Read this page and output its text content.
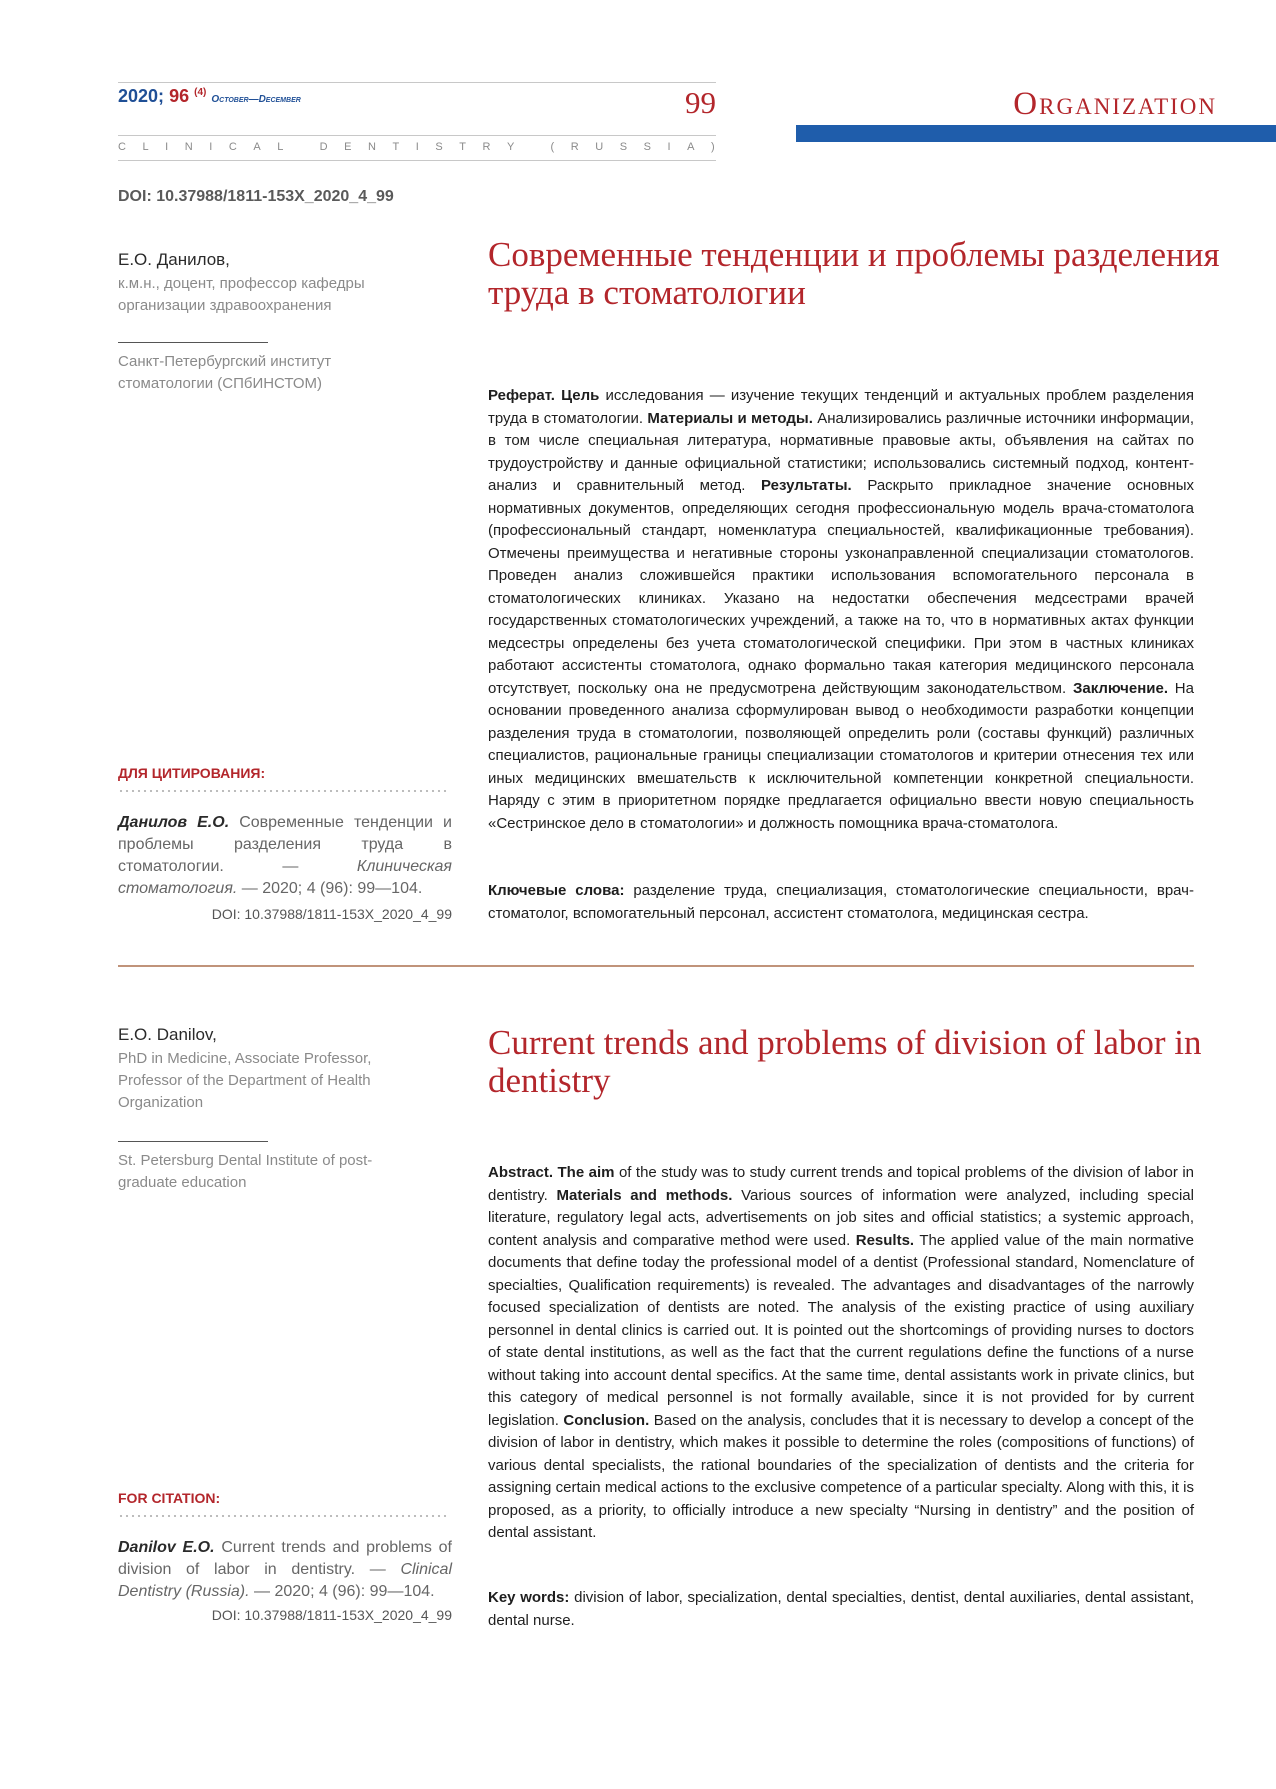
2020; 96 $^{(4)}$ October—December	99
C L I N I C A L
	D E N T I S T R Y
	( R U S S I A )
Organization
DOI: 10.37988/1811-153X_2020_4_99
Е.О. Данилов,
к.м.н., доцент, профессор кафедры организации здравоохранения
Санкт-Петербургский институт стоматологии (СПбИНСТОМ)
Современные тенденции и проблемы разделения труда в стоматологии
Реферат. Цель исследования — изучение текущих тенденций и актуальных проблем разделения труда в стоматологии. Материалы и методы. Анализировались различные источники информации, в том числе специальная литература, нормативные правовые акты, объявления на сайтах по трудоустройству и данные официальной статистики; использовались системный подход, контент-анализ и сравнительный метод. Результаты. Раскрыто прикладное значение основных нормативных документов, определяющих сегодня профессиональную модель врача-стоматолога (профессиональный стандарт, номенклатура специальностей, квалификационные требования). Отмечены преимущества и негативные стороны узконаправленной специализации стоматологов. Проведен анализ сложившейся практики использования вспомогательного персонала в стоматологических клиниках. Указано на недостатки обеспечения медсестрами врачей государственных стоматологических учреждений, а также на то, что в нормативных актах функции медсестры определены без учета стоматологической специфики. При этом в частных клиниках работают ассистенты стоматолога, однако формально такая категория медицинского персонала отсутствует, поскольку она не предусмотрена действующим законодательством. Заключение. На основании проведенного анализа сформулирован вывод о необходимости разработки концепции разделения труда в стоматологии, позволяющей определить роли (составы функций) различных специалистов, рациональные границы специализации стоматологов и критерии отнесения тех или иных медицинских вмешательств к исключительной компетенции конкретной специальности. Наряду с этим в приоритетном порядке предлагается официально ввести новую специальность «Сестринское дело в стоматологии» и должность помощника врача-стоматолога.
Ключевые слова: разделение труда, специализация, стоматологические специальности, врач-стоматолог, вспомогательный персонал, ассистент стоматолога, медицинская сестра.
ДЛЯ ЦИТИРОВАНИЯ:
Данилов Е.О. Современные тенденции и проблемы разделения труда в стоматологии. —	Клиническая стоматология. — 2020; 4 (96): 99—104.
DOI: 10.37988/1811-153X_2020_4_99
E.O. Danilov,
PhD in Medicine, Associate Professor, Professor of the Department of Health Organization
St. Petersburg Dental Institute of post-graduate education
Current trends and problems of division of labor in dentistry
Abstract. The aim of the study was to study current trends and topical problems of the division of labor in dentistry. Materials and methods. Various sources of information were analyzed, including special literature, regulatory legal acts, advertisements on job sites and official statistics; a systemic approach, content analysis and comparative method were used. Results. The applied value of the main normative documents that define today the professional model of a dentist (Professional standard, Nomenclature of specialties, Qualification requirements) is revealed. The advantages and disadvantages of the narrowly focused specialization of dentists are noted. The analysis of the existing practice of using auxiliary personnel in dental clinics is carried out. It is pointed out the shortcomings of providing nurses to doctors of state dental institutions, as well as the fact that the current regulations define the functions of a nurse without taking into account dental specifics. At the same time, dental assistants work in private clinics, but this category of medical personnel is not formally available, since it is not provided for by current legislation. Conclusion. Based on the analysis, concludes that it is necessary to develop a concept of the division of labor in dentistry, which makes it possible to determine the roles (compositions of functions) of various dental specialists, the rational boundaries of the specialization of dentists and the criteria for assigning certain medical actions to the exclusive competence of a particular specialty. Along with this, it is proposed, as a priority, to officially introduce a new specialty “Nursing in dentistry” and the position of dental assistant.
Key words: division of labor, specialization, dental specialties, dentist, dental auxiliaries, dental assistant, dental nurse.
FOR CITATION:
Danilov E.O. Current trends and problems of division of labor in dentistry. — Clinical Dentistry (Russia). — 2020; 4 (96): 99—104.
DOI: 10.37988/1811-153X_2020_4_99
